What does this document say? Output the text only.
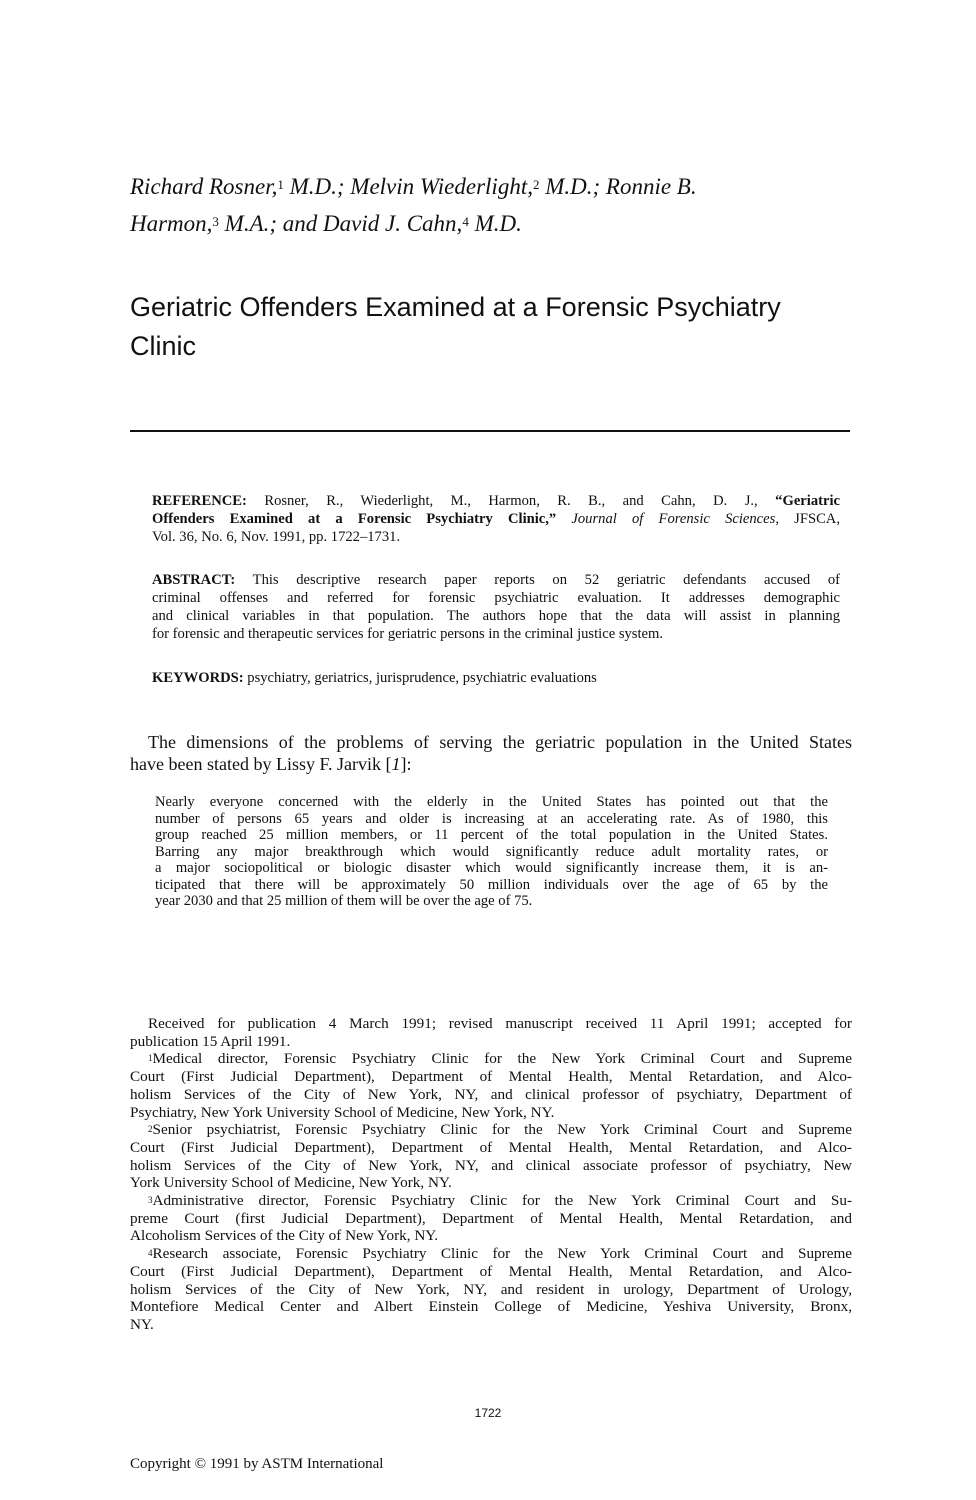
Richard Rosner,$^1$ M.D.; Melvin Wiederlight,$^2$ M.D.; Ronnie B.
Harmon,$^3$ M.A.; and David J. Cahn,$^4$ M.D.
Geriatric Offenders Examined at a Forensic Psychiatry
Clinic
REFERENCE: Rosner, R., Wiederlight, M., Harmon, R. B., and Cahn, D. J., “Geriatric
Offenders Examined at a Forensic Psychiatry Clinic,” Journal of Forensic Sciences, JFSCA,
Vol. 36, No. 6, Nov. 1991, pp. 1722–1731.
ABSTRACT: This descriptive research paper reports on 52 geriatric defendants accused of
criminal offenses and referred for forensic psychiatric evaluation. It addresses demographic
and clinical variables in that population. The authors hope that the data will assist in planning
for forensic and therapeutic services for geriatric persons in the criminal justice system.
KEYWORDS: psychiatry, geriatrics, jurisprudence, psychiatric evaluations
The dimensions of the problems of serving the geriatric population in the United States
have been stated by Lissy F. Jarvik [1]:
Nearly everyone concerned with the elderly in the United States has pointed out that the
number of persons 65 years and older is increasing at an accelerating rate. As of 1980, this
group reached 25 million members, or 11 percent of the total population in the United States.
Barring any major breakthrough which would significantly reduce adult mortality rates, or
a major sociopolitical or biologic disaster which would significantly increase them, it is an-
ticipated that there will be approximately 50 million individuals over the age of 65 by the
year 2030 and that 25 million of them will be over the age of 75.
Received for publication 4 March 1991; revised manuscript received 11 April 1991; accepted for
publication 15 April 1991.
$^1$Medical director, Forensic Psychiatry Clinic for the New York Criminal Court and Supreme
Court (First Judicial Department), Department of Mental Health, Mental Retardation, and Alco-
holism Services of the City of New York, NY, and clinical professor of psychiatry, Department of
Psychiatry, New York University School of Medicine, New York, NY.
$^2$Senior psychiatrist, Forensic Psychiatry Clinic for the New York Criminal Court and Supreme
Court (First Judicial Department), Department of Mental Health, Mental Retardation, and Alco-
holism Services of the City of New York, NY, and clinical associate professor of psychiatry, New
York University School of Medicine, New York, NY.
$^3$Administrative director, Forensic Psychiatry Clinic for the New York Criminal Court and Su-
preme Court (first Judicial Department), Department of Mental Health, Mental Retardation, and
Alcoholism Services of the City of New York, NY.
$^4$Research associate, Forensic Psychiatry Clinic for the New York Criminal Court and Supreme
Court (First Judicial Department), Department of Mental Health, Mental Retardation, and Alco-
holism Services of the City of New York, NY, and resident in urology, Department of Urology,
Montefiore Medical Center and Albert Einstein College of Medicine, Yeshiva University, Bronx,
NY.
1722
Copyright © 1991 by ASTM International
